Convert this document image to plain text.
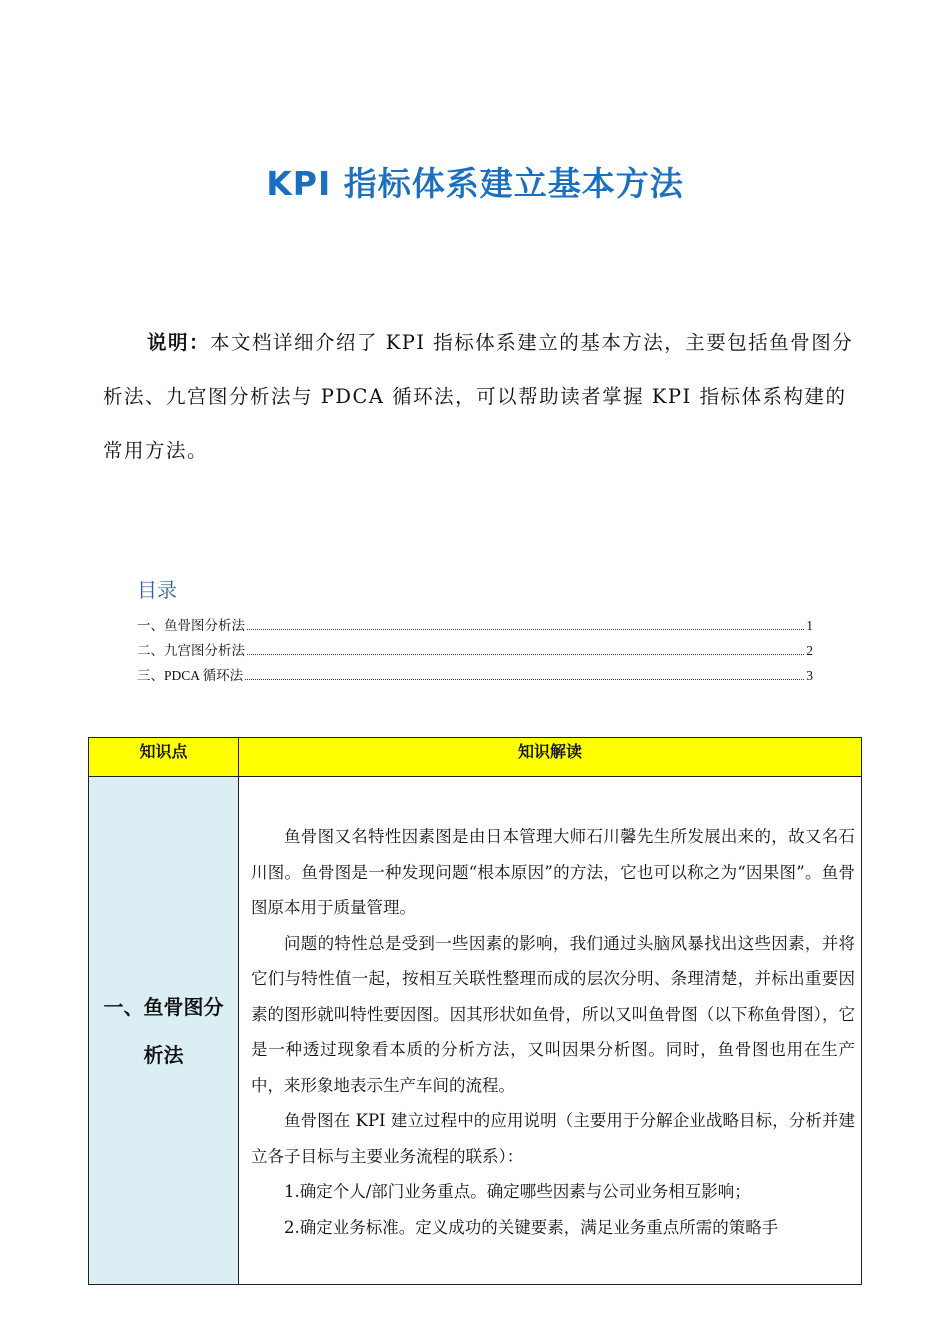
KPI 指标体系建立基本方法
说明：本文档详细介绍了 KPI 指标体系建立的基本方法，主要包括鱼骨图分析法、九宫图分析法与 PDCA 循环法，可以帮助读者掌握 KPI 指标体系构建的常用方法。
目录
一、鱼骨图分析法	1
二、九宫图分析法	2
三、PDCA 循环法	3
知识点	知识解读

一、鱼骨图分析法	鱼骨图又名特性因素图是由日本管理大师石川馨先生所发展出来的，故又名石川图。鱼骨图是一种发现问题“根本原因”的方法，它也可以称之为“因果图”。鱼骨图原本用于质量管理。

问题的特性总是受到一些因素的影响，我们通过头脑风暴找出这些因素，并将它们与特性值一起，按相互关联性整理而成的层次分明、条理清楚，并标出重要因素的图形就叫特性要因图。因其形状如鱼骨，所以又叫鱼骨图（以下称鱼骨图），它是一种透过现象看本质的分析方法，又叫因果分析图。同时，鱼骨图也用在生产中，来形象地表示生产车间的流程。

鱼骨图在 KPI 建立过程中的应用说明（主要用于分解企业战略目标，分析并建立各子目标与主要业务流程的联系）：

1.确定个人/部门业务重点。确定哪些因素与公司业务相互影响；

2.确定业务标准。定义成功的关键要素，满足业务重点所需的策略手
